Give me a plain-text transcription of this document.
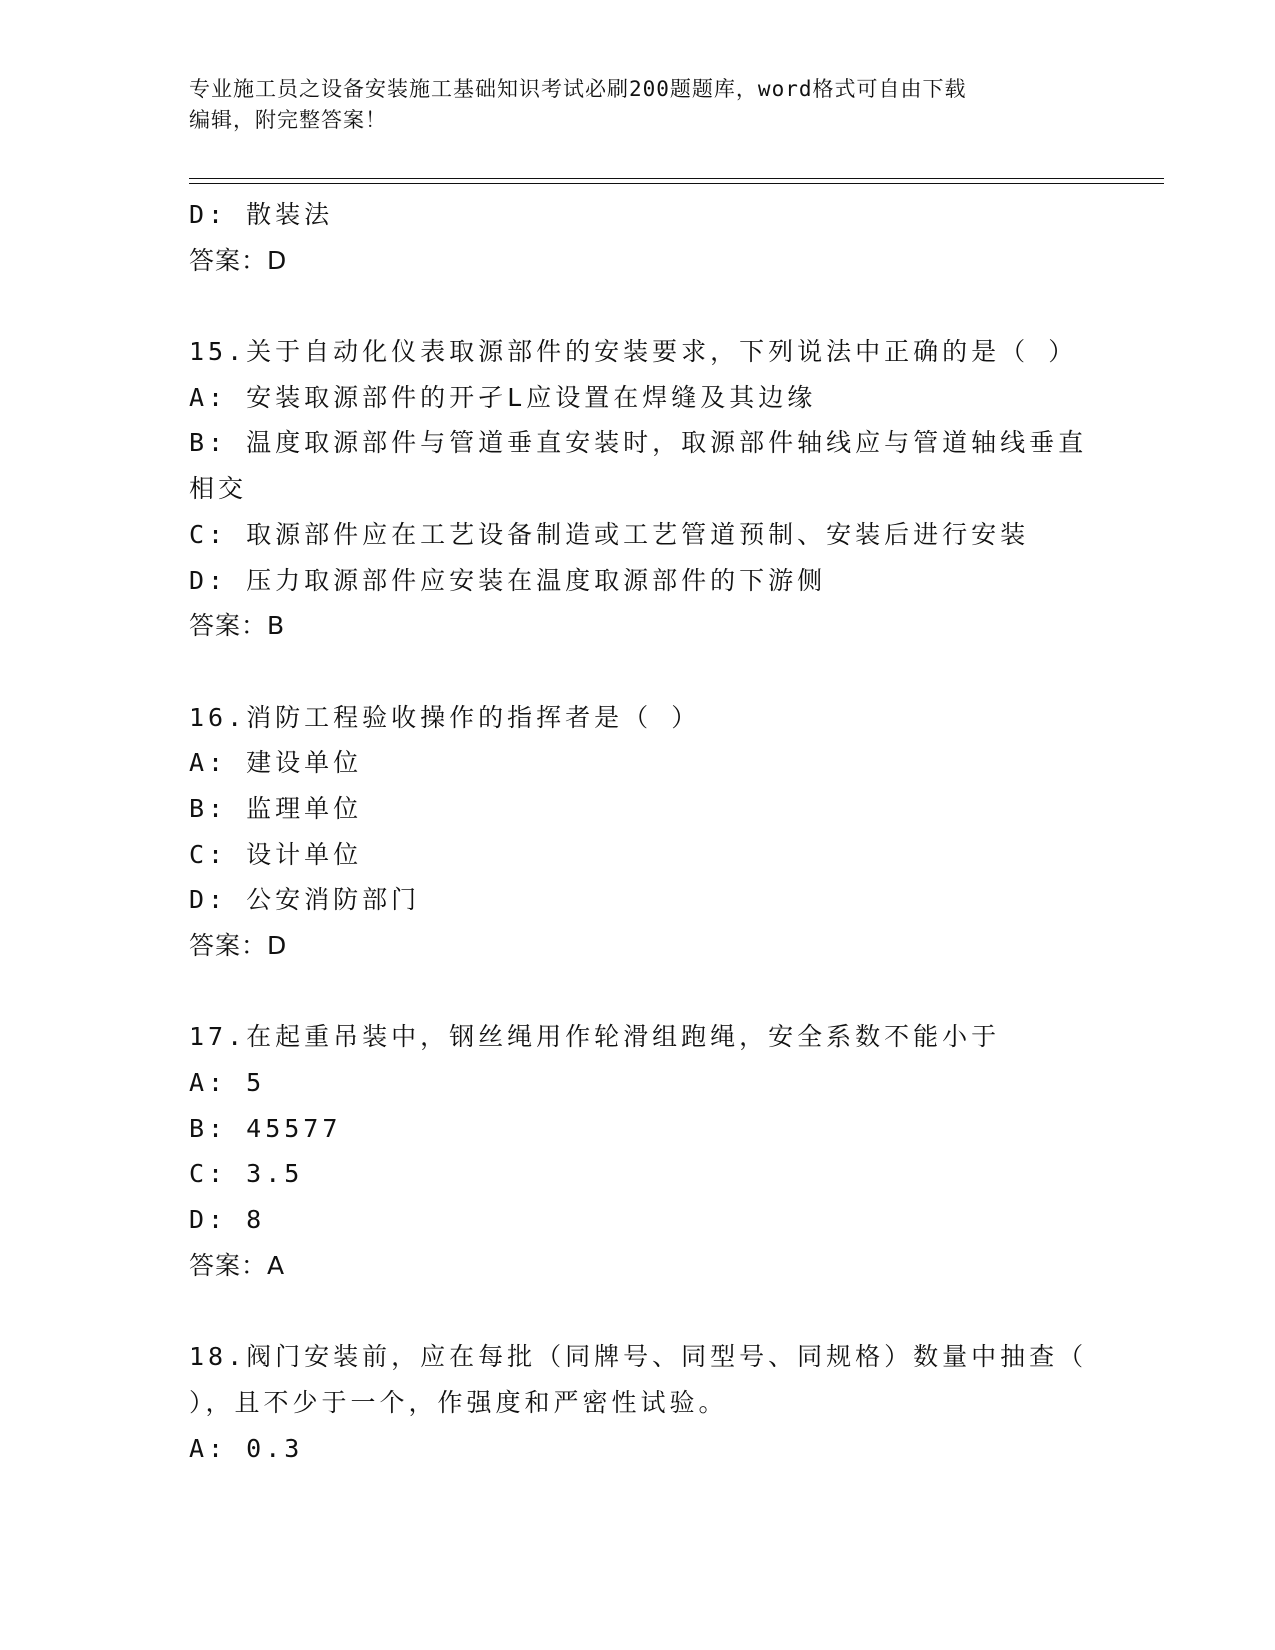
专业施工员之设备安装施工基础知识考试必刷200题题库，word格式可自由下载
编辑，附完整答案！
D: 散装法
答案：D
15.关于自动化仪表取源部件的安装要求，下列说法中正确的是（ ）
A: 安装取源部件的开孑L应设置在焊缝及其边缘
B: 温度取源部件与管道垂直安装时，取源部件轴线应与管道轴线垂直相交
C: 取源部件应在工艺设备制造或工艺管道预制、安装后进行安装
D: 压力取源部件应安装在温度取源部件的下游侧
答案：B
16.消防工程验收操作的指挥者是（ ）
A: 建设单位
B: 监理单位
C: 设计单位
D: 公安消防部门
答案：D
17.在起重吊装中，钢丝绳用作轮滑组跑绳，安全系数不能小于
A: 5
B: 45577
C: 3.5
D: 8
答案：A
18.阀门安装前，应在每批（同牌号、同型号、同规格）数量中抽查（ ），且不少于一个，作强度和严密性试验。
A: 0.3
